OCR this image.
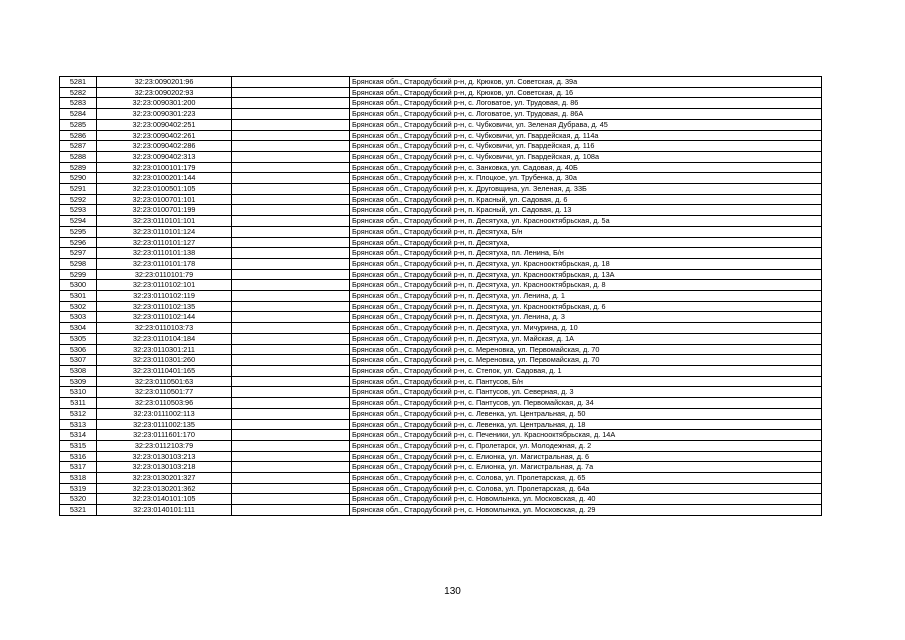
5281	32:23:0090201:96		Брянская обл., Стародубский р-н, д. Крюков, ул. Советская, д. 39а
5282	32:23:0090202:93		Брянская обл., Стародубский р-н, д. Крюков, ул. Советская, д. 16
5283	32:23:0090301:200		Брянская обл., Стародубский р-н, с. Логоватое, ул. Трудовая, д. 86
5284	32:23:0090301:223		Брянская обл., Стародубский р-н, с. Логоватое, ул. Трудовая, д. 86А
5285	32:23:0090402:251		Брянская обл., Стародубский р-н, с. Чубковичи, ул. Зеленая Дубрава, д. 45
5286	32:23:0090402:261		Брянская обл., Стародубский р-н, с. Чубковичи, ул. Гвардейская, д. 114а
5287	32:23:0090402:286		Брянская обл., Стародубский р-н, с. Чубковичи, ул. Гвардейская, д. 116
5288	32:23:0090402:313		Брянская обл., Стародубский р-н, с. Чубковичи, ул. Гвардейская, д. 108а
5289	32:23:0100101:179		Брянская обл., Стародубский р-н, с. Занковка, ул. Садовая, д. 40Б
5290	32:23:0100201:144		Брянская обл., Стародубский р-н, х. Плоцкое, ул. Трубенка, д. 30а
5291	32:23:0100501:105		Брянская обл., Стародубский р-н, х. Друговщина, ул. Зеленая, д. 33Б
5292	32:23:0100701:101		Брянская обл., Стародубский р-н, п. Красный, ул. Садовая, д. 6
5293	32:23:0100701:199		Брянская обл., Стародубский р-н, п. Красный, ул. Садовая, д. 13
5294	32:23:0110101:101		Брянская обл., Стародубский р-н, п. Десятуха, ул. Краснооктябрьская, д. 5а
5295	32:23:0110101:124		Брянская обл., Стародубский р-н, п. Десятуха, Б/н
5296	32:23:0110101:127		Брянская обл., Стародубский р-н, п. Десятуха,
5297	32:23:0110101:138		Брянская обл., Стародубский р-н, п. Десятуха, пл. Ленина, Б/н
5298	32:23:0110101:178		Брянская обл., Стародубский р-н, п. Десятуха, ул. Краснооктябрьская, д. 18
5299	32:23:0110101:79		Брянская обл., Стародубский р-н, п. Десятуха, ул. Краснооктябрьская, д. 13А
5300	32:23:0110102:101		Брянская обл., Стародубский р-н, п. Десятуха, ул. Краснооктябрьская, д. 8
5301	32:23:0110102:119		Брянская обл., Стародубский р-н, п. Десятуха, ул. Ленина, д. 1
5302	32:23:0110102:135		Брянская обл., Стародубский р-н, п. Десятуха, ул. Краснооктябрьская, д. 6
5303	32:23:0110102:144		Брянская обл., Стародубский р-н, п. Десятуха, ул. Ленина, д. 3
5304	32:23:0110103:73		Брянская обл., Стародубский р-н, п. Десятуха, ул. Мичурина, д. 10
5305	32:23:0110104:184		Брянская обл., Стародубский р-н, п. Десятуха, ул. Майская, д. 1А
5306	32:23:0110301:211		Брянская обл., Стародубский р-н, с. Мереновка, ул. Первомайская, д. 70
5307	32:23:0110301:260		Брянская обл., Стародубский р-н, с. Мереновка, ул. Первомайская, д. 70
5308	32:23:0110401:165		Брянская обл., Стародубский р-н, с. Степок, ул. Садовая, д. 1
5309	32:23:0110501:63		Брянская обл., Стародубский р-н, с. Пантусов, Б/н
5310	32:23:0110501:77		Брянская обл., Стародубский р-н, с. Пантусов, ул. Северная, д. 3
5311	32:23:0110503:96		Брянская обл., Стародубский р-н, с. Пантусов, ул. Первомайская, д. 34
5312	32:23:0111002:113		Брянская обл., Стародубский р-н, с. Левенка, ул. Центральная, д. 50
5313	32:23:0111002:135		Брянская обл., Стародубский р-н, с. Левенка, ул. Центральная, д. 18
5314	32:23:0111601:170		Брянская обл., Стародубский р-н, с. Печеники, ул. Краснооктябрьская, д. 14А
5315	32:23:0112103:79		Брянская обл., Стародубский р-н, с. Пролетарск, ул. Молодежная, д. 2
5316	32:23:0130103:213		Брянская обл., Стародубский р-н, с. Елионка, ул. Магистральная, д. 6
5317	32:23:0130103:218		Брянская обл., Стародубский р-н, с. Елионка, ул. Магистральная, д. 7а
5318	32:23:0130201:327		Брянская обл., Стародубский р-н, с. Солова, ул. Пролетарская, д. 65
5319	32:23:0130201:362		Брянская обл., Стародубский р-н, с. Солова, ул. Пролетарская, д. 64а
5320	32:23:0140101:105		Брянская обл., Стародубский р-н, с. Новомлынка, ул. Московская, д. 40
5321	32:23:0140101:111		Брянская обл., Стародубский р-н, с. Новомлынка, ул. Московская, д. 29
130
